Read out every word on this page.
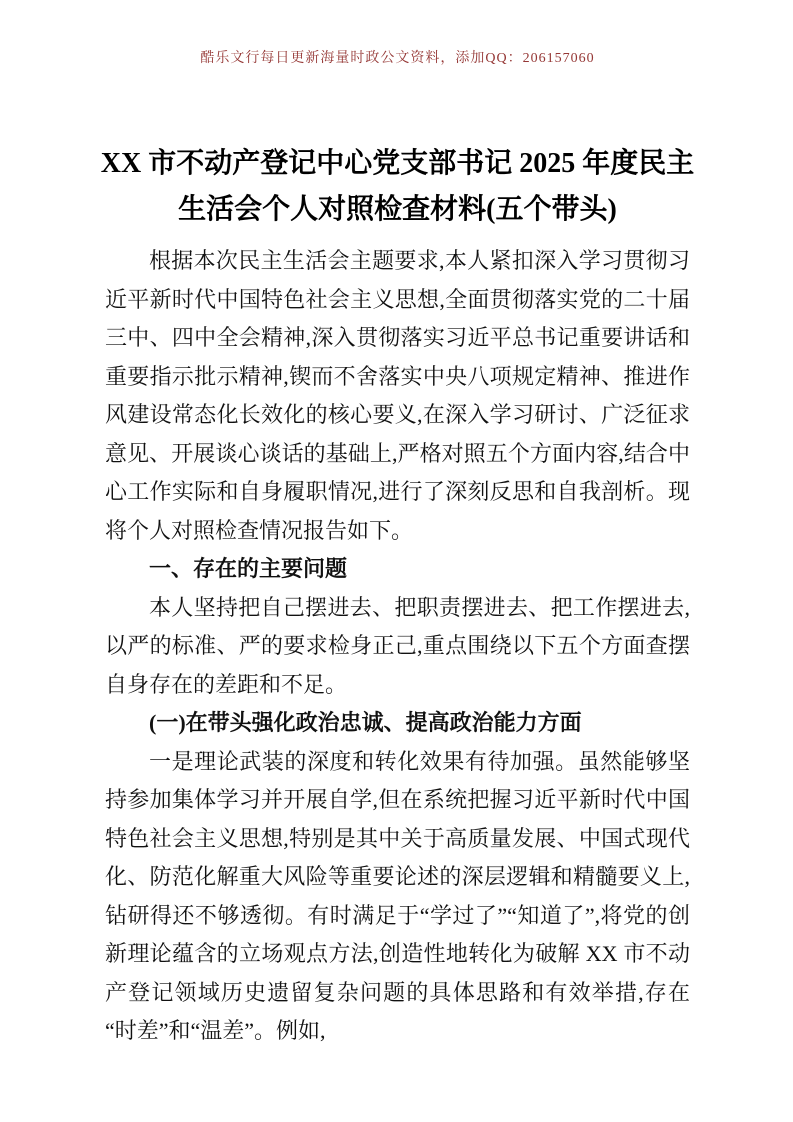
酷乐文行每日更新海量时政公文资料，添加QQ：206157060
XX 市不动产登记中心党支部书记 2025 年度民主生活会个人对照检查材料(五个带头)

根据本次民主生活会主题要求,本人紧扣深入学习贯彻习近平新时代中国特色社会主义思想,全面贯彻落实党的二十届三中、四中全会精神,深入贯彻落实习近平总书记重要讲话和重要指示批示精神,锲而不舍落实中央八项规定精神、推进作风建设常态化长效化的核心要义,在深入学习研讨、广泛征求意见、开展谈心谈话的基础上,严格对照五个方面内容,结合中心工作实际和自身履职情况,进行了深刻反思和自我剖析。现将个人对照检查情况报告如下。

一、存在的主要问题

本人坚持把自己摆进去、把职责摆进去、把工作摆进去,以严的标准、严的要求检身正己,重点围绕以下五个方面查摆自身存在的差距和不足。

(一)在带头强化政治忠诚、提高政治能力方面

一是理论武装的深度和转化效果有待加强。虽然能够坚持参加集体学习并开展自学,但在系统把握习近平新时代中国特色社会主义思想,特别是其中关于高质量发展、中国式现代化、防范化解重大风险等重要论述的深层逻辑和精髓要义上,钻研得还不够透彻。有时满足于“学过了”“知道了”,将党的创新理论蕴含的立场观点方法,创造性地转化为破解 XX 市不动产登记领域历史遗留复杂问题的具体思路和有效举措,存在“时差”和“温差”。例如,
